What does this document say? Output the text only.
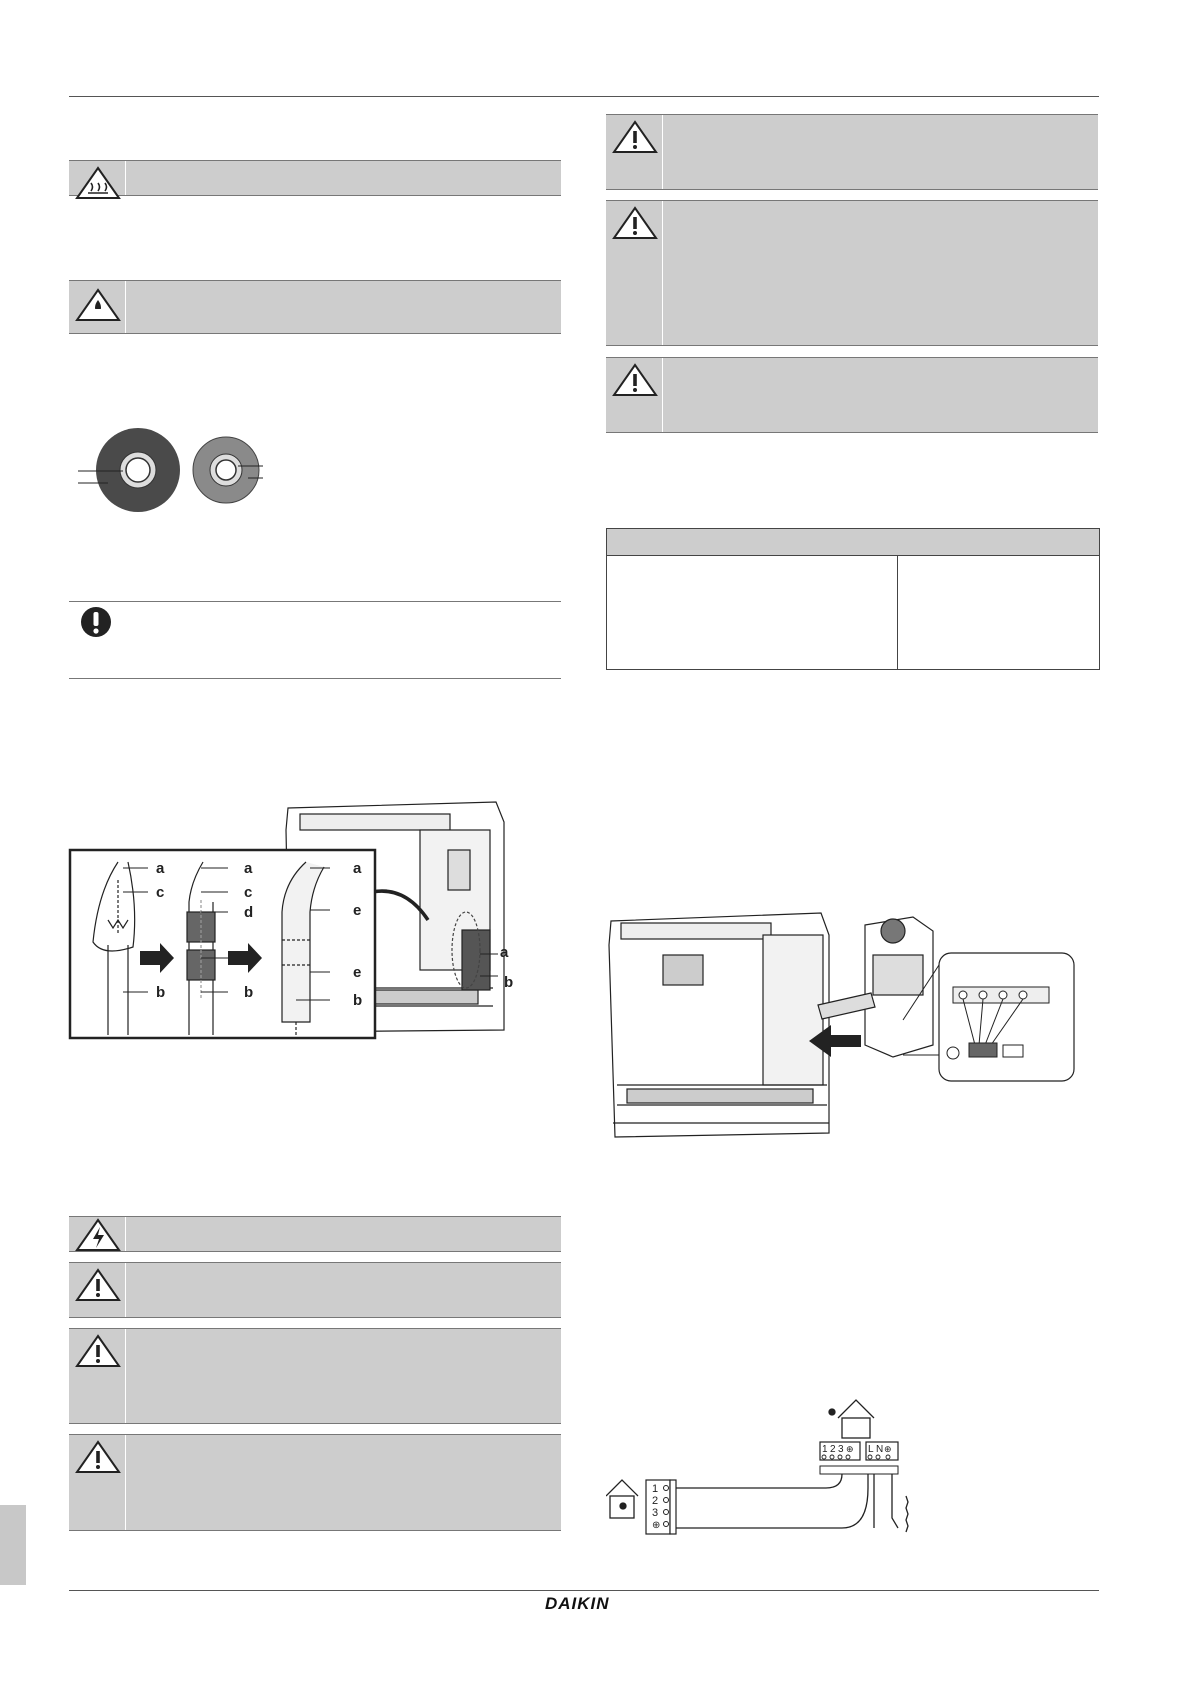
DAIKIN
a
c
b
a
c
d
d
b
a
e
e
b
a
b
1
2
3
⊕
1 2 3 ⊕ L N ⊕
